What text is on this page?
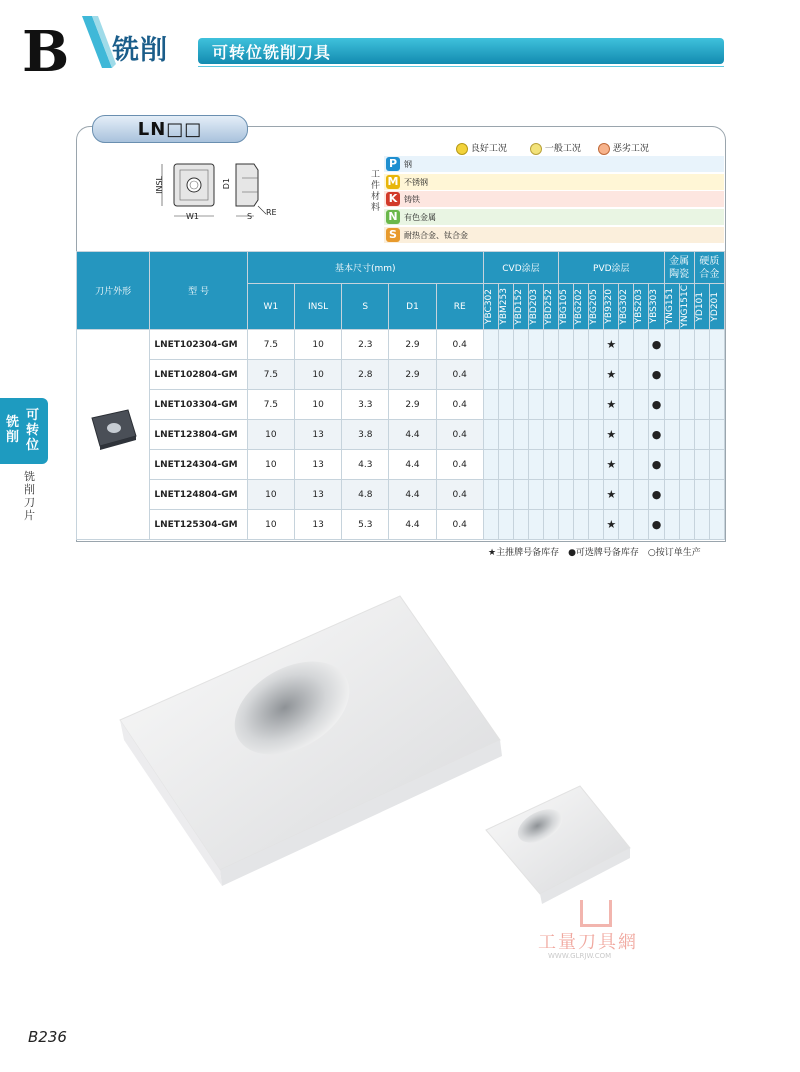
B 铣削	可转位铣削刀具
铣削
可转位
铣削刀片
LN□□
INSL	D1
W1	S RE
良好工况	一般工况	恶劣工况
工件材料
P 钢
M 不锈钢
K 铸铁
N 有色金属
S 耐热合金、钛合金
刀片外形	型 号	基本尺寸(mm)					CVD涂层					PVD涂层							金属陶瓷		硬质合金	
		W1	INSL	S	D1	RE	YBC302	YBM253	YBD152	YBD203	YBD252	YBG105	YBG202	YBG205	YB9320	YBG302	YBS203	YBS303	YNG151	YNG151C	YD101	YD201

	LNET102304-GM	7.5	10	2.3	2.9	0.4									★			●				
	LNET102804-GM	7.5	10	2.8	2.9	0.4									★			●				
	LNET103304-GM	7.5	10	3.3	2.9	0.4									★			●				
	LNET123804-GM	10	13	3.8	4.4	0.4									★			●				
	LNET124304-GM	10	13	4.3	4.4	0.4									★			●				
	LNET124804-GM	10	13	4.8	4.4	0.4									★			●				
	LNET125304-GM	10	13	5.3	4.4	0.4									★			●				
★主推牌号备库存　●可选牌号备库存　○按订单生产
工量刀具網
WWW.GLRJW.COM
B236
